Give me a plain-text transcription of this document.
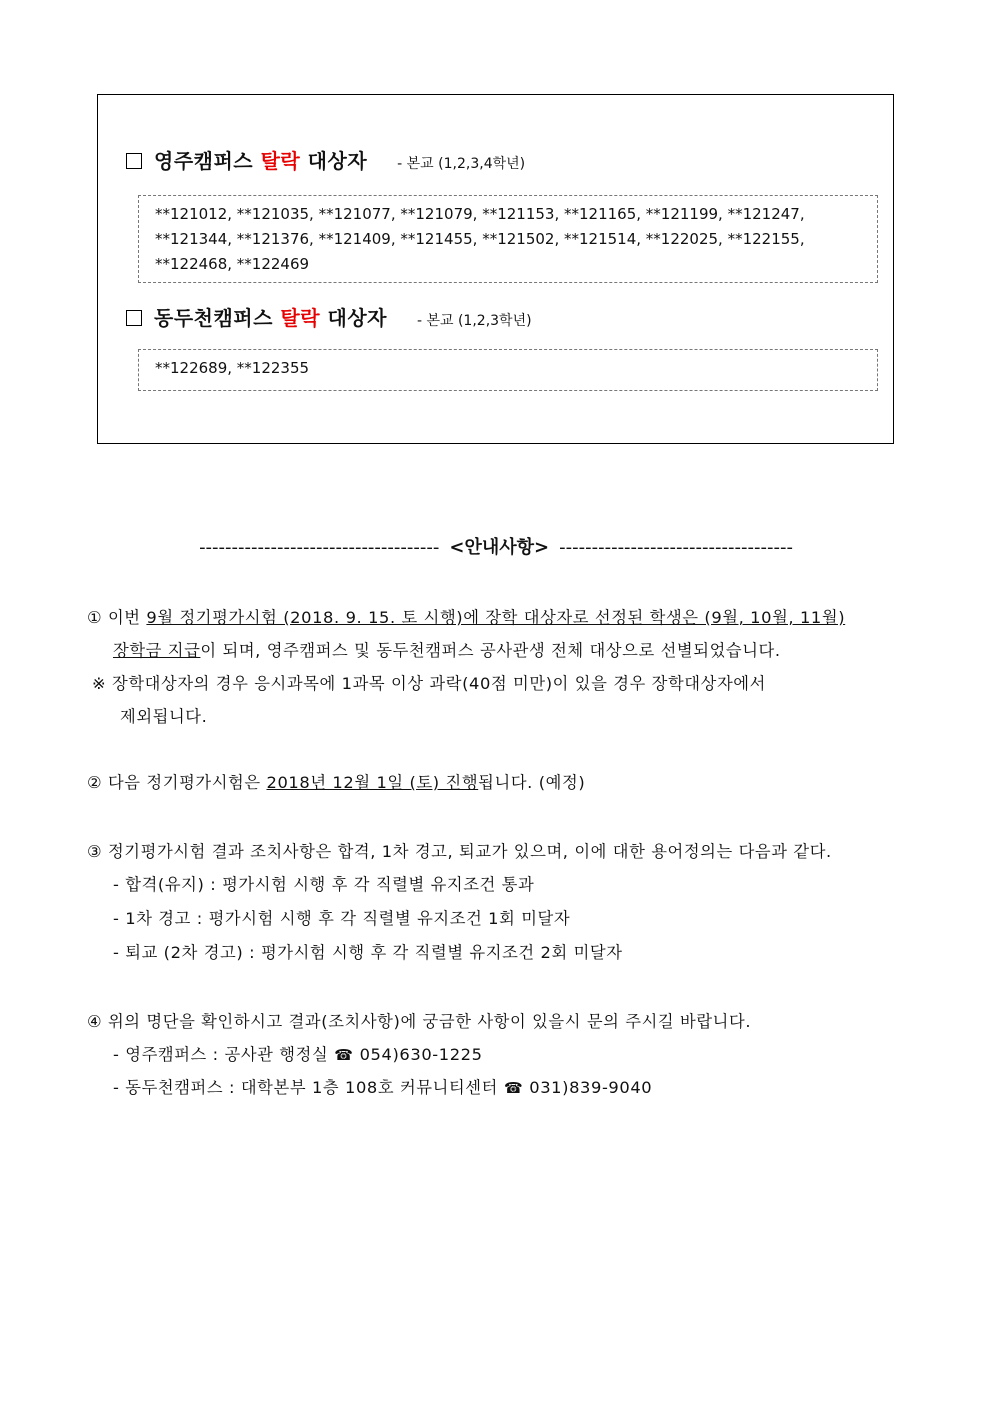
영주캠퍼스 탈락 대상자 - 본교 (1,2,3,4학년)
**121012, **121035, **121077, **121079, **121153, **121165, **121199, **121247,
**121344, **121376, **121409, **121455, **121502, **121514, **122025, **122155,
**122468, **122469
동두천캠퍼스 탈락 대상자 - 본교 (1,2,3학년)
**122689, **122355
------------------------------------- <안내사항> ------------------------------------
① 이번 9월 정기평가시험 (2018. 9. 15. 토 시행)에 장학 대상자로 선정된 학생은 (9월, 10월, 11월)
장학금 지급이 되며, 영주캠퍼스 및 동두천캠퍼스 공사관생 전체 대상으로 선별되었습니다.
※ 장학대상자의 경우 응시과목에 1과목 이상 과락(40점 미만)이 있을 경우 장학대상자에서
제외됩니다.
② 다음 정기평가시험은 2018년 12월 1일 (토) 진행됩니다. (예정)
③ 정기평가시험 결과 조치사항은 합격, 1차 경고, 퇴교가 있으며, 이에 대한 용어정의는 다음과 같다.
- 합격(유지) : 평가시험 시행 후 각 직렬별 유지조건 통과
- 1차 경고 : 평가시험 시행 후 각 직렬별 유지조건 1회 미달자
- 퇴교 (2차 경고) : 평가시험 시행 후 각 직렬별 유지조건 2회 미달자
④ 위의 명단을 확인하시고 결과(조치사항)에 궁금한 사항이 있을시 문의 주시길 바랍니다.
- 영주캠퍼스 : 공사관 행정실 ☎ 054)630-1225
- 동두천캠퍼스 : 대학본부 1층 108호 커뮤니티센터 ☎ 031)839-9040
